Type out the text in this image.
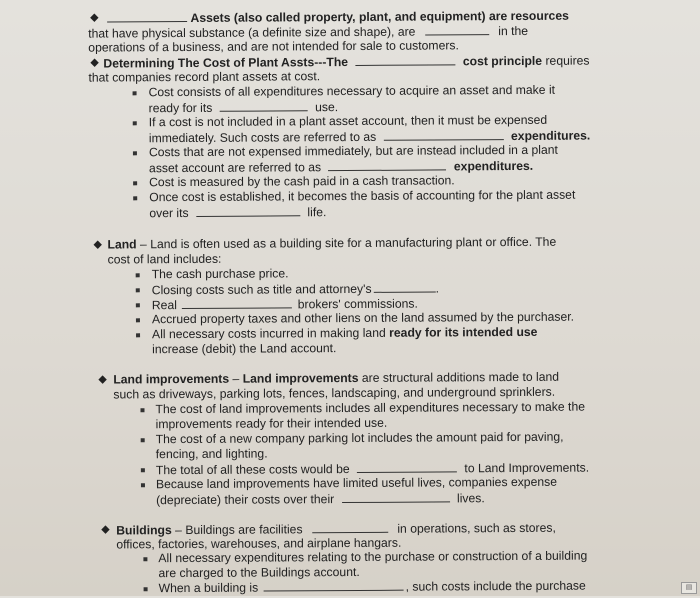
◆	Assets (also called property, plant, and equipment) are resources
that have physical substance (a definite size and shape), are	in the
operations of a business, and are not intended for sale to customers.
◆ Determining The Cost of Plant Assts---The	cost principle requires
that companies record plant assets at cost.
Cost consists of all expenditures necessary to acquire an asset and make it
ready for its	use.
If a cost is not included in a plant asset account, then it must be expensed
immediately. Such costs are referred to as	expenditures.
Costs that are not expensed immediately, but are instead included in a plant
asset account are referred to as	expenditures.
Cost is measured by the cash paid in a cash transaction.
Once cost is established, it becomes the basis of accounting for the plant asset
over its	life.
◆ Land – Land is often used as a building site for a manufacturing plant or office. The
cost of land includes:
The cash purchase price.
Closing costs such as title and attorney's	.
Real	brokers' commissions.
Accrued property taxes and other liens on the land assumed by the purchaser.
All necessary costs incurred in making land ready for its intended use
increase (debit) the Land account.
◆ Land improvements – Land improvements are structural additions made to land
such as driveways, parking lots, fences, landscaping, and underground sprinklers.
The cost of land improvements includes all expenditures necessary to make the
improvements ready for their intended use.
The cost of a new company parking lot includes the amount paid for paving,
fencing, and lighting.
The total of all these costs would be	to Land Improvements.
Because land improvements have limited useful lives, companies expense
(depreciate) their costs over their	lives.
◆ Buildings – Buildings are facilities	in operations, such as stores,
offices, factories, warehouses, and airplane hangars.
All necessary expenditures relating to the purchase or construction of a building
are charged to the Buildings account.
When a building is	, such costs include the purchase	▤
